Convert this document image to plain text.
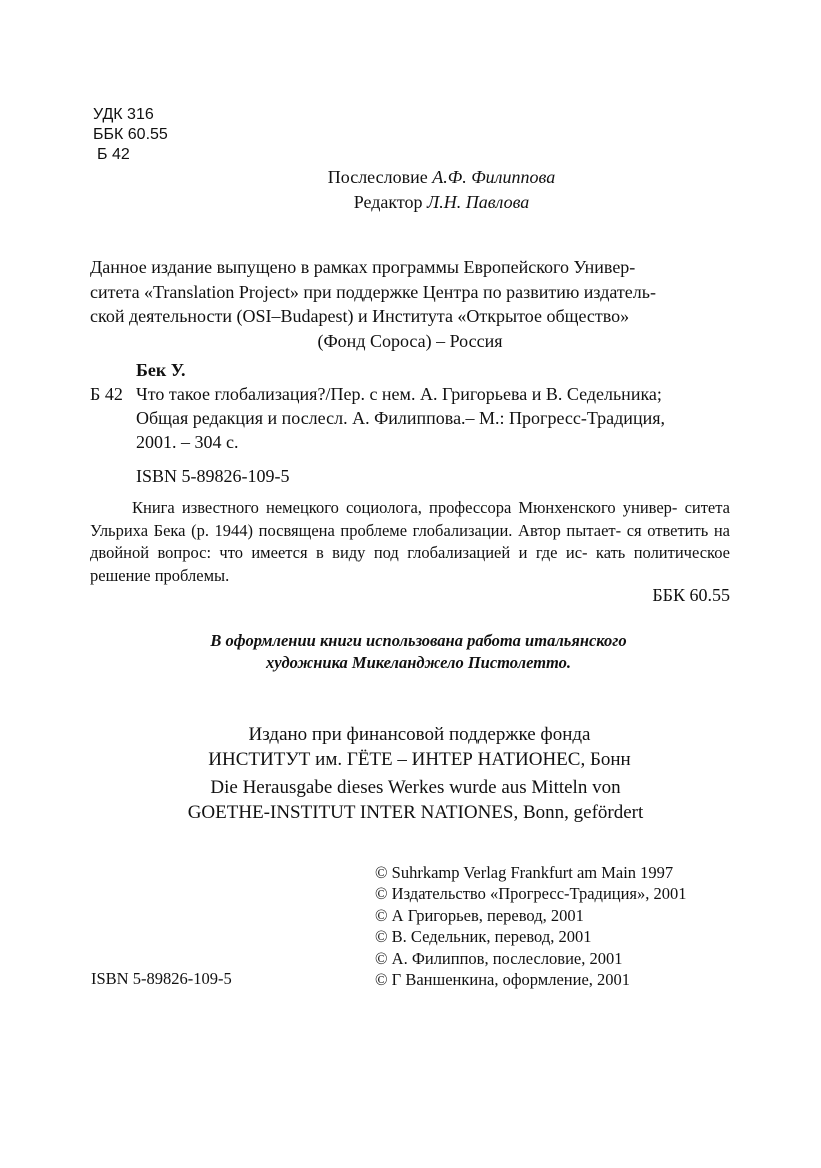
УДК 316
ББК 60.55
Б 42
Послесловие А.Ф. Филиппова
Редактор Л.Н. Павлова
Данное издание выпущено в рамках программы Европейского Универ-
ситета «Translation Project» при поддержке Центра по развитию издатель-
ской деятельности (OSI–Budapest) и Института «Открытое общество»
(Фонд Сороса) – Россия
Бек У.
Б 42 Что такое глобализация?/Пер. с нем. А. Григорьева и В. Седельника;
Общая редакция и послесл. А. Филиппова.– М.: Прогресс-Традиция,
2001. – 304 с.
ISBN 5-89826-109-5
Книга известного немецкого социолога, профессора Мюнхенского универ- ситета Ульриха Бека (р. 1944) посвящена проблеме глобализации. Автор пытает- ся ответить на двойной вопрос: что имеется в виду под глобализацией и где ис- кать политическое решение проблемы.
ББК 60.55
В оформлении книги использована работа итальянского
художника Микеланджело Пистолетто.
Издано при финансовой поддержке фонда
ИНСТИТУТ им. ГЁТЕ – ИНТЕР НАТИОНЕС, Бонн
Die Herausgabe dieses Werkes wurde aus Mitteln von
GOETHE-INSTITUT INTER NATIONES, Bonn, gefördert
© Suhrkamp Verlag Frankfurt am Main 1997
© Издательство «Прогресс-Традиция», 2001
© А Григорьев, перевод, 2001
© В. Седельник, перевод, 2001
© А. Филиппов, послесловие, 2001
© Г Ваншенкина, оформление, 2001
ISBN 5-89826-109-5
